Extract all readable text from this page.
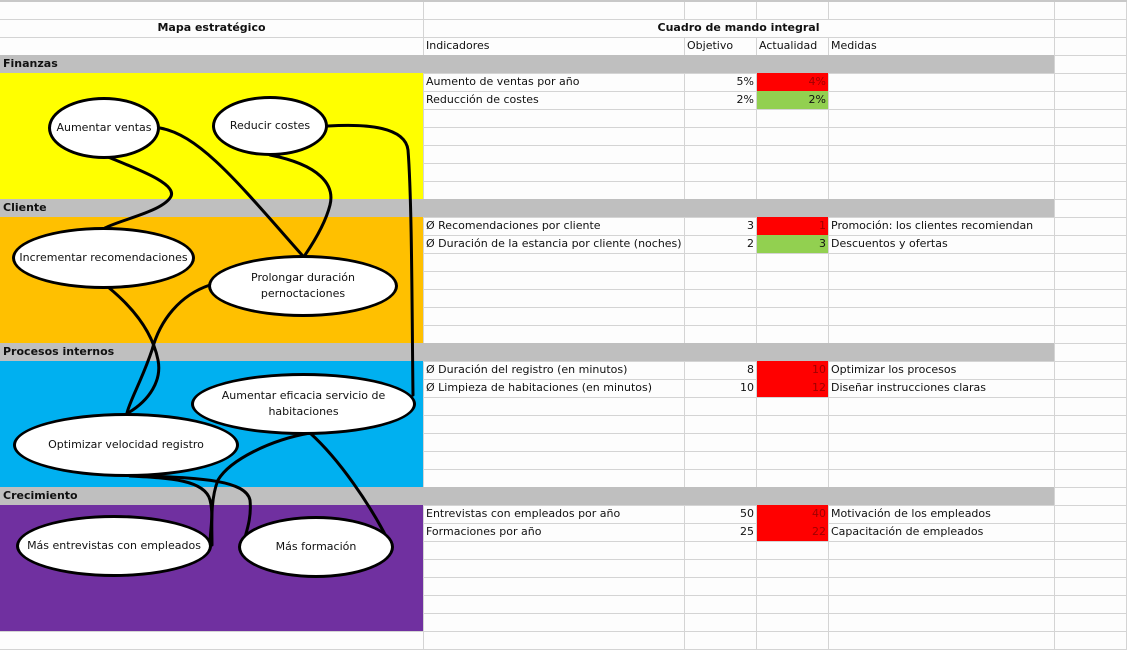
Mapa estratégico	Cuadro de mando integral
Indicadores	Objetivo	Actualidad	Medidas
Finanzas
Cliente
Procesos internos
Crecimiento
Aumento de ventas por año	5%	4%
Reducción de costes	2%	2%
Ø Recomendaciones por cliente	3	1 Promoción: los clientes recomiendan
Ø Duración de la estancia por cliente (noches)	2	3 Descuentos y ofertas
Ø Duración del registro (en minutos)	8	10 Optimizar los procesos
Ø Limpieza de habitaciones (en minutos)	10	12 Diseñar instrucciones claras
Entrevistas con empleados por año	50	40 Motivación de los empleados
Formaciones por año	25	22 Capacitación de empleados
Aumentar ventas	Reducir costes
Incrementar recomendaciones
Prolongar duración pernoctaciones
Aumentar eficacia servicio de habitaciones
Optimizar velocidad registro
Más entrevistas con empleados	Más formación
